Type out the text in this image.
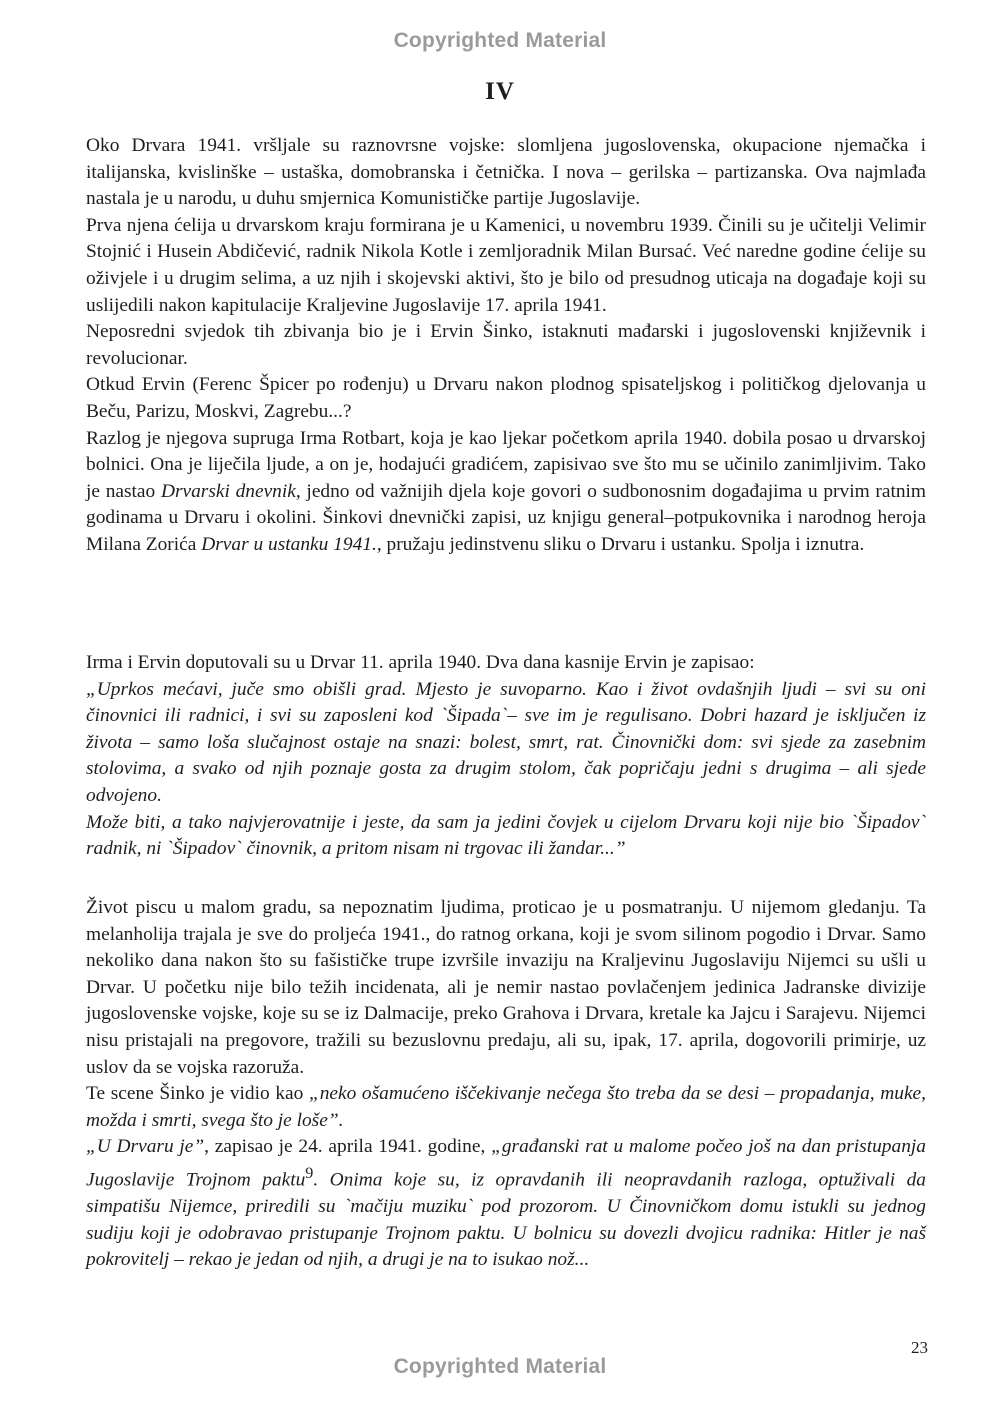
Copyrighted Material
IV

Oko Drvara 1941. vršljale su raznovrsne vojske: slomljena jugoslovenska, okupacione njemačka i italijanska, kvislinške – ustaška, domobranska i četnička. I nova – gerilska – partizanska. Ova najmlađa nastala je u narodu, u duhu smjernica Komunističke partije Jugoslavije.

Prva njena ćelija u drvarskom kraju formirana je u Kamenici, u novembru 1939. Činili su je učitelji Velimir Stojnić i Husein Abdičević, radnik Nikola Kotle i zemljoradnik Milan Bursać. Već naredne godine ćelije su oživjele i u drugim selima, a uz njih i skojevski aktivi, što je bilo od presudnog uticaja na događaje koji su uslijedili nakon kapitulacije Kraljevine Jugoslavije 17. aprila 1941.

Neposredni svjedok tih zbivanja bio je i Ervin Šinko, istaknuti mađarski i jugoslovenski književnik i revolucionar.

Otkud Ervin (Ferenc Špicer po rođenju) u Drvaru nakon plodnog spisateljskog i političkog djelovanja u Beču, Parizu, Moskvi, Zagrebu...?

Razlog je njegova supruga Irma Rotbart, koja je kao ljekar početkom aprila 1940. dobila posao u drvarskoj bolnici. Ona je liječila ljude, a on je, hodajući gradićem, zapisivao sve što mu se učinilo zanimljivim. Tako je nastao Drvarski dnevnik, jedno od važnijih djela koje govori o sudbonosnim događajima u prvim ratnim godinama u Drvaru i okolini. Šinkovi dnevnički zapisi, uz knjigu general–potpukovnika i narodnog heroja Milana Zorića Drvar u ustanku 1941., pružaju jedinstvenu sliku o Drvaru i ustanku. Spolja i iznutra.

Irma i Ervin doputovali su u Drvar 11. aprila 1940. Dva dana kasnije Ervin je zapisao:

„Uprkos mećavi, juče smo obišli grad. Mjesto je suvoparno. Kao i život ovdašnjih ljudi – svi su oni činovnici ili radnici, i svi su zaposleni kod `Šipada`– sve im je regulisano. Dobri hazard je isključen iz života – samo loša slučajnost ostaje na snazi: bolest, smrt, rat. Činovnički dom: svi sjede za zasebnim stolovima, a svako od njih poznaje gosta za drugim stolom, čak popričaju jedni s drugima – ali sjede odvojeno.

Može biti, a tako najvjerovatnije i jeste, da sam ja jedini čovjek u cijelom Drvaru koji nije bio `Šipadov` radnik, ni `Šipadov` činovnik, a pritom nisam ni trgovac ili žandar...”

Život piscu u malom gradu, sa nepoznatim ljudima, proticao je u posmatranju. U nijemom gledanju. Ta melanholija trajala je sve do proljeća 1941., do ratnog orkana, koji je svom silinom pogodio i Drvar. Samo nekoliko dana nakon što su fašističke trupe izvršile invaziju na Kraljevinu Jugoslaviju Nijemci su ušli u Drvar. U početku nije bilo težih incidenata, ali je nemir nastao povlačenjem jedinica Jadranske divizije jugoslovenske vojske, koje su se iz Dalmacije, preko Grahova i Drvara, kretale ka Jajcu i Sarajevu. Nijemci nisu pristajali na pregovore, tražili su bezuslovnu predaju, ali su, ipak, 17. aprila, dogovorili primirje, uz uslov da se vojska razoruža.

Te scene Šinko je vidio kao „neko ošamućeno iščekivanje nečega što treba da se desi – propadanja, muke, možda i smrti, svega što je loše”.

„U Drvaru je”, zapisao je 24. aprila 1941. godine, „građanski rat u malome počeo još na dan pristupanja Jugoslavije Trojnom paktu$^9$. Onima koje su, iz opravdanih ili neopravdanih razloga, optuživali da simpatišu Nijemce, priredili su `mačiju muziku` pod prozorom. U Činovničkom domu istukli su jednog sudiju koji je odobravao pristupanje Trojnom paktu. U bolnicu su dovezli dvojicu radnika: Hitler je naš pokrovitelj – rekao je jedan od njih, a drugi je na to isukao nož...

23
Copyrighted Material
